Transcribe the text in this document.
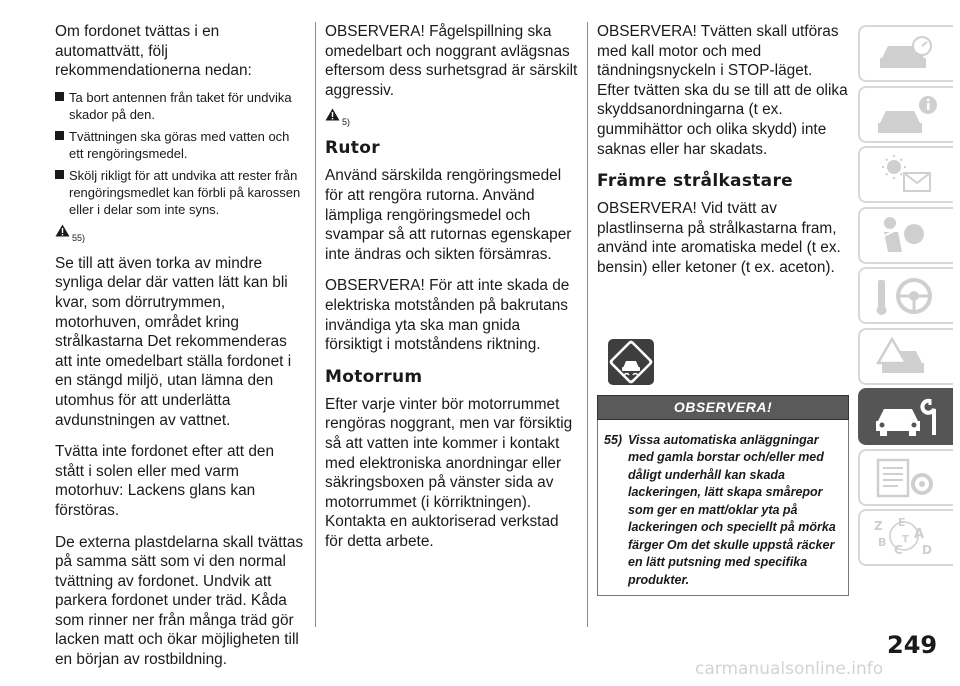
Om fordonet tvättas i en automattvätt, följ rekommendationerna nedan:

Ta bort antennen från taket för undvika skador på den.
Tvättningen ska göras med vatten och ett rengöringsmedel.
Skölj rikligt för att undvika att rester från rengöringsmedlet kan förbli på karossen eller i delar som inte syns.
55)

Se till att även torka av mindre synliga delar där vatten lätt kan bli kvar, som dörrutrymmen, motorhuven, området kring strålkastarna Det rekommenderas att inte omedelbart ställa fordonet i en stängd miljö, utan lämna den utomhus för att underlätta avdunstningen av vattnet.

Tvätta inte fordonet efter att den stått i solen eller med varm motorhuv: Lackens glans kan förstöras.

De externa plastdelarna skall tvättas på samma sätt som vi den normal tvättning av fordonet. Undvik att parkera fordonet under träd. Kåda som rinner ner från många träd gör lacken matt och ökar möjligheten till en början av rostbildning.

OBSERVERA! Fågelspillning ska omedelbart och noggrant avlägsnas eftersom dess surhetsgrad är särskilt aggressiv.

5)
Rutor

Använd särskilda rengöringsmedel för att rengöra rutorna. Använd lämpliga rengöringsmedel och svampar så att rutornas egenskaper inte ändras och sikten försämras.

OBSERVERA! För att inte skada de elektriska motstånden på bakrutans invändiga yta ska man gnida försiktigt i motståndens riktning.

Motorrum

Efter varje vinter bör motorrummet rengöras noggrant, men var försiktig så att vatten inte kommer i kontakt med elektroniska anordningar eller säkringsboxen på vänster sida av motorrummet (i körriktningen). Kontakta en auktoriserad verkstad för detta arbete.

OBSERVERA! Tvätten skall utföras med kall motor och med tändningsnyckeln i STOP-läget. Efter tvätten ska du se till att de olika skyddsanordningarna (t ex. gummihättor och olika skydd) inte saknas eller har skadats.

Främre strålkastare

OBSERVERA! Vid tvätt av plastlinserna på strålkastarna fram, använd inte aromatiska medel (t ex. bensin) eller ketoner (t ex. aceton).

OBSERVERA!
55) Vissa automatiska anläggningar med gamla borstar och/eller med dåligt underhåll kan skada lackeringen, lätt skapa smårepor som ger en matt/oklar yta på lackeringen och speciellt på mörka färger Om det skulle uppstå räcker en lätt putsning med specifika produkter.
Z E
A
B
C
T
D
249
carmanualsonline.info
